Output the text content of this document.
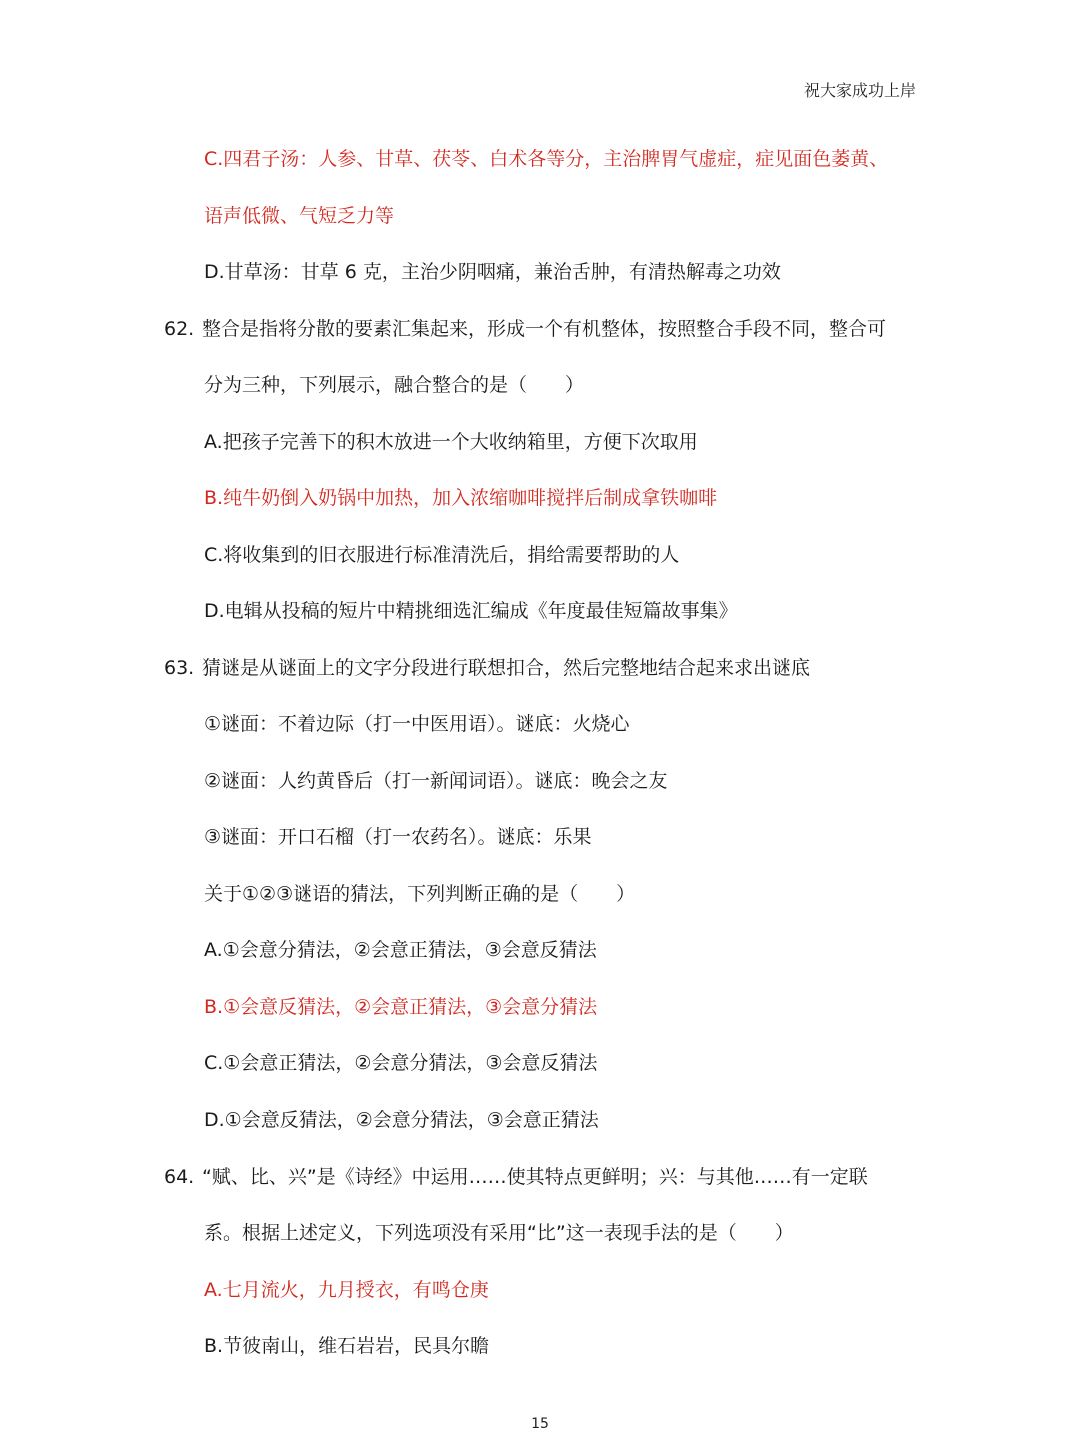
祝大家成功上岸
C.四君子汤：人参、甘草、茯苓、白术各等分，主治脾胃气虚症，症见面色萎黄、
语声低微、气短乏力等
D.甘草汤：甘草 6 克，主治少阴咽痛，兼治舌肿，有清热解毒之功效
62. 整合是指将分散的要素汇集起来，形成一个有机整体，按照整合手段不同，整合可
分为三种，下列展示，融合整合的是（　　）
A.把孩子完善下的积木放进一个大收纳箱里，方便下次取用
B.纯牛奶倒入奶锅中加热，加入浓缩咖啡搅拌后制成拿铁咖啡
C.将收集到的旧衣服进行标准清洗后，捐给需要帮助的人
D.电辑从投稿的短片中精挑细选汇编成《年度最佳短篇故事集》
63. 猜谜是从谜面上的文字分段进行联想扣合，然后完整地结合起来求出谜底
①谜面：不着边际（打一中医用语）。谜底：火烧心
②谜面：人约黄昏后（打一新闻词语）。谜底：晚会之友
③谜面：开口石榴（打一农药名）。谜底：乐果
关于①②③谜语的猜法，下列判断正确的是（　　）
A.①会意分猜法，②会意正猜法，③会意反猜法
B.①会意反猜法，②会意正猜法，③会意分猜法
C.①会意正猜法，②会意分猜法，③会意反猜法
D.①会意反猜法，②会意分猜法，③会意正猜法
64. “赋、比、兴”是《诗经》中运用……使其特点更鲜明；兴：与其他……有一定联
系。根据上述定义，下列选项没有采用“比”这一表现手法的是（　　）
A.七月流火，九月授衣，有鸣仓庚
B.节彼南山，维石岩岩，民具尔瞻
15
